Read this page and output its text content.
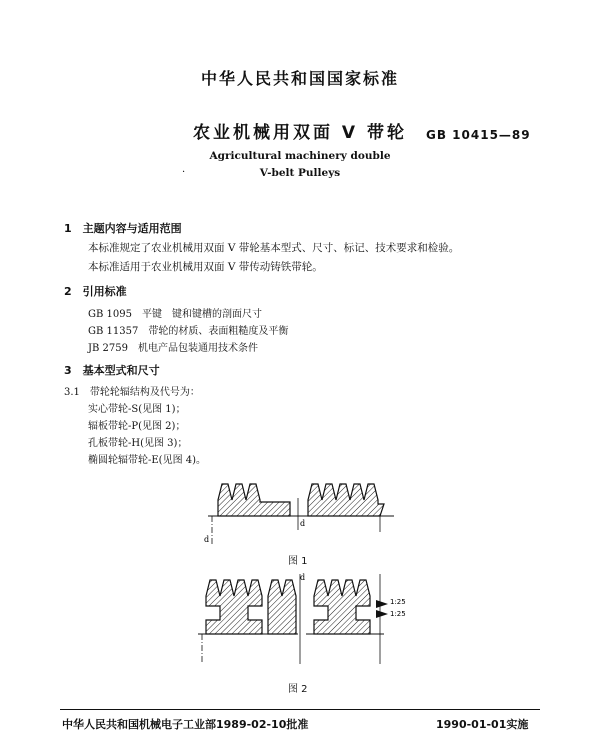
中华人民共和国国家标准
农业机械用双面 V 带轮	GB 10415—89
Agricultural machinery double
·	V-belt Pulleys
1　主题内容与适用范围
本标准规定了农业机械用双面 V 带轮基本型式、尺寸、标记、技术要求和检验。
本标准适用于农业机械用双面 V 带传动铸铁带轮。
2　引用标准
GB 1095　平键　键和键槽的剖面尺寸
GB 11357　带轮的材质、表面粗糙度及平衡
JB 2759　机电产品包装通用技术条件
3　基本型式和尺寸
3.1　带轮轮辐结构及代号为：
实心带轮-S(见图 1)；
辐板带轮-P(见图 2)；
孔板带轮-H(见图 3)；
椭圆轮辐带轮-E(见图 4)。
d
d
图 1
d
1:25
1:25
图 2
中华人民共和国机械电子工业部1989-02-10批准	1990-01-01实施
